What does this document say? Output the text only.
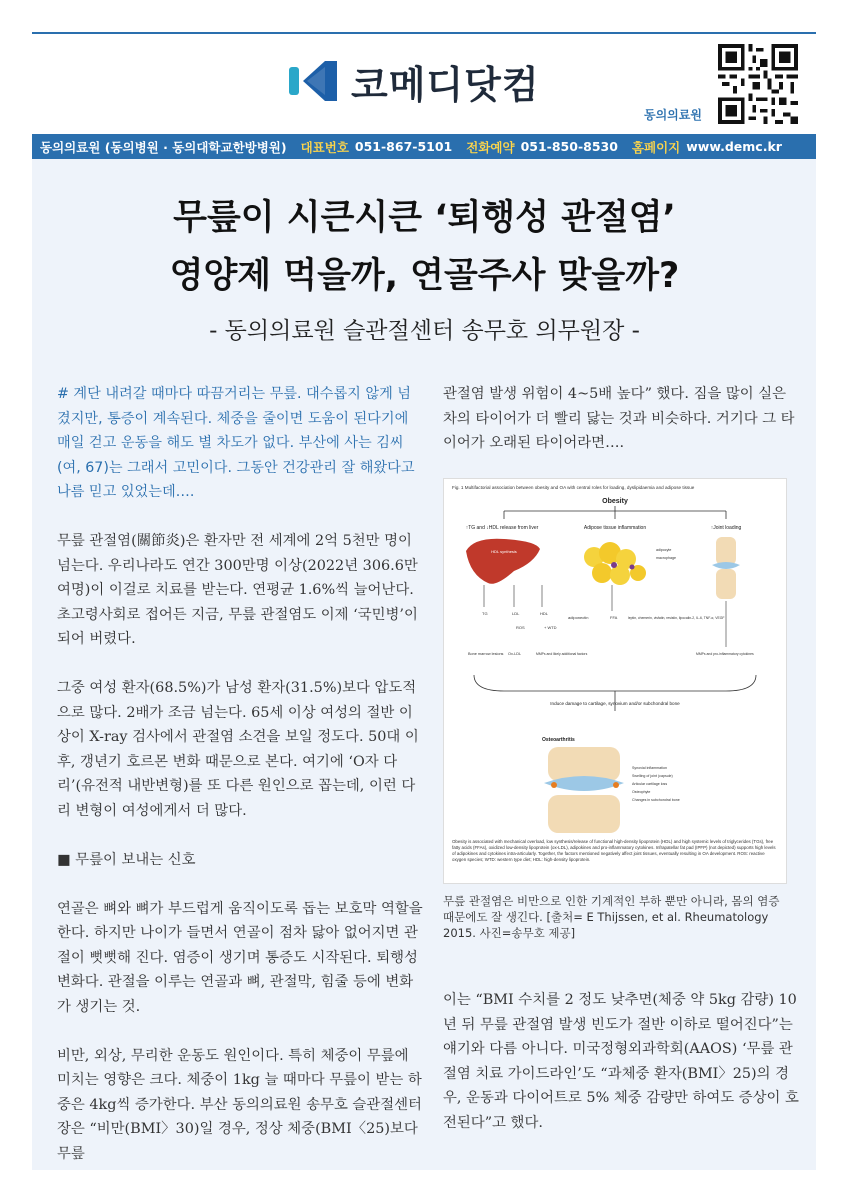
코메디닷컴
동의의료원
동의의료원 (동의병원 · 동의대학교한방병원) 대표번호 051-867-5101 전화예약 051-850-8530 홈페이지 www.demc.kr
무릎이 시큰시큰 ‘퇴행성 관절염’
영양제 먹을까, 연골주사 맞을까?
- 동의의료원 슬관절센터 송무호 의무원장 -

# 계단 내려갈 때마다 따끔거리는 무릎. 대수롭지 않게 넘겼지만, 통증이 계속된다. 체중을 줄이면 도움이 된다기에 매일 걷고 운동을 해도 별 차도가 없다. 부산에 사는 김씨(여, 67)는 그래서 고민이다. 그동안 건강관리 잘 해왔다고 나름 믿고 있었는데….

무릎 관절염(關節炎)은 환자만 전 세계에 2억 5천만 명이 넘는다. 우리나라도 연간 300만명 이상(2022년 306.6만여명)이 이걸로 치료를 받는다. 연평균 1.6%씩 늘어난다. 초고령사회로 접어든 지금, 무릎 관절염도 이제 ‘국민병’이 되어 버렸다.

그중 여성 환자(68.5%)가 남성 환자(31.5%)보다 압도적으로 많다. 2배가 조금 넘는다. 65세 이상 여성의 절반 이상이 X-ray 검사에서 관절염 소견을 보일 정도다. 50대 이후, 갱년기 호르몬 변화 때문으로 본다. 여기에 ‘O자 다리’(유전적 내반변형)를 또 다른 원인으로 꼽는데, 이런 다리 변형이 여성에게서 더 많다.

■ 무릎이 보내는 신호

연골은 뼈와 뼈가 부드럽게 움직이도록 돕는 보호막 역할을 한다. 하지만 나이가 들면서 연골이 점차 닳아 없어지면 관절이 뻣뻣해 진다. 염증이 생기며 통증도 시작된다. 퇴행성 변화다. 관절을 이루는 연골과 뼈, 관절막, 힘줄 등에 변화가 생기는 것.

비만, 외상, 무리한 운동도 원인이다. 특히 체중이 무릎에 미치는 영향은 크다. 체중이 1kg 늘 때마다 무릎이 받는 하중은 4kg씩 증가한다. 부산 동의의료원 송무호 슬관절센터장은 “비만(BMI〉30)일 경우, 정상 체중(BMI〈25)보다 무릎

관절염 발생 위험이 4~5배 높다” 했다. 짐을 많이 실은 차의 타이어가 더 빨리 닳는 것과 비슷하다. 거기다 그 타이어가 오래된 타이어라면….

Fig. 1 Multifactorial association between obesity and OA with central roles for loading, dyslipidaemia and adipose tissue
Obesity
↑TG and ↓HDL release from liver	Adipose tissue inflammation	↑Joint loading
HDL synthesis	adipocyte
macrophage
TG	LDL	HDL
ROS	+ WTD
adiponectin	FFA	leptin, chemerin, visfatin, resistin, lipocalin-2, IL-6, TNF-α, VEGF
Bone marrow lesions Ox-LDL	MMPs and likely additional factors	MMPs and pro-inflammatory cytokines
Induce damage to cartilage, synovium and/or subchondral bone
Osteoarthritis
Synovial inflammation
Swelling of joint (capsule)
Articular cartilage loss
Osteophyte
Changes in subchondral bone
Obesity is associated with mechanical overload, low synthesis/release of functional high-density lipoprotein (HDL) and high systemic levels of triglycerides (TGs), free fatty acids (FFAs), oxidized low-density lipoprotein (ox-LDL), adipokines and pro-inflammatory cytokines. Infrapatellar fat pad (IPFP) (not depicted) supports high levels of adipokines and cytokines intra-articularly. Together, the factors mentioned negatively affect joint tissues, eventually resulting in OA development. ROS: reactive oxygen species; WTD: western type diet; HDL: high-density lipoprotein.
무릎 관절염은 비만으로 인한 기계적인 부하 뿐만 아니라, 몸의 염증 때문에도 잘 생긴다. [출처= E Thijssen, et al. Rheumatology 2015. 사진=송무호 제공]

이는 “BMI 수치를 2 정도 낮추면(체중 약 5kg 감량) 10년 뒤 무릎 관절염 발생 빈도가 절반 이하로 떨어진다”는 얘기와 다름 아니다. 미국정형외과학회(AAOS) ‘무릎 관절염 치료 가이드라인’도 “과체중 환자(BMI〉25)의 경우, 운동과 다이어트로 5% 체중 감량만 하여도 증상이 호전된다”고 했다.
